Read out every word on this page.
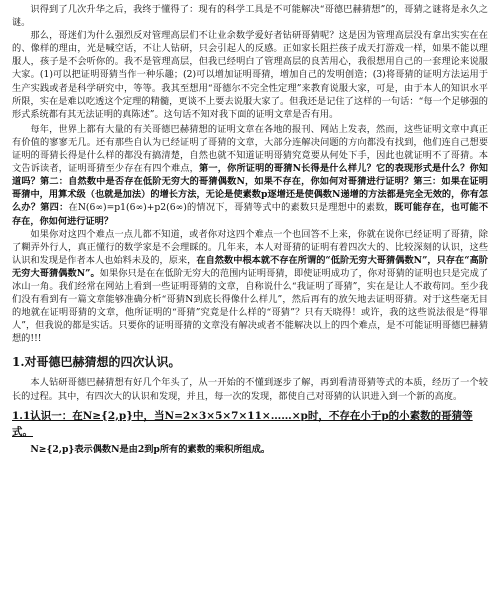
识得到了几次升华之后，我终于懂得了：现有的科学工具是不可能解决“哥德巴赫猜想”的，哥猜之谜将是永久之谜。

那么，哥迷们为什么强烈反对管理高层们不让业余数学爱好者钻研哥猜呢？这是因为管理高层没有拿出实实在在的、像样的理由，光是喊空话，不让人钻研，只会引起人的反感。正如家长阻拦孩子成天打游戏一样，如果不能以理服人，孩子是不会听你的。我不是管理高层，但我已经明白了管理高层的良苦用心，我很想用自己的一套理论来说服大家。(1)可以把证明哥猜当作一种乐趣；(2)可以增加证明哥猜，增加自己的发明创造；(3)将哥猜的证明方法运用于生产实践或者是科学研究中，等等。我其至想用“哥德尔不完全性定理”来教育说服大家，可是，由于本人的知识水平所限，实在是难以吃透这个定理的精髓，更谈不上要去说服大家了。但我还是记住了这样的一句话：“每一个足够强的形式系统都有其无法证明的真陈述”。这句话不知对我下面的证明文章是否有用。

每年，世界上都有大量的有关哥德巴赫猜想的证明文章在各地的报刊、网站上发表，然而，这些证明文章中真正有价值的寥寥无几。还有那些自认为已经证明了哥猜的文章，大部分连解决问题的方向都没有找到，他们连自己想要证明的哥猜长得是什么样的都没有搞清楚，自然也就不知道证明哥猜究竟要从何处下手，因此也就证明不了哥猜。本文告诉读者，证明哥猜至少存在有四个难点，第一，你所证明的哥猜N长得是什么样儿？它的表现形式是什么？你知道吗？第二：自然数中是否存在低阶无穷大的哥猜偶数N，如果不存在，你如何对哥猜进行证明？第三：如果在证明哥猜中，用算术级（也就是加法）的增长方法，无论是使素数p逐增还是使偶数N递增的方法都是完全无效的，你有怎么办？第四：在N(6∞)=p1(6∞)+p2(6∞)的情况下，哥猜等式中的素数只是理想中的素数，既可能存在，也可能不存在，你如何进行证明？

如果你对这四个难点一点儿都不知道，或者你对这四个难点一个也回答不上来，你就在说你已经证明了哥猜，除了糊弄外行人，真正懂行的数学家是不会理睬的。几年来，本人对哥猜的证明有着四次大的、比较深刻的认识，这些认识和发现是作者本人也始料未及的，原来，在自然数中根本就不存在所谓的“低阶无穷大哥猜偶数N”，只存在“高阶无穷大哥猜偶数N”。如果你只是在在低阶无穷大的范围内证明哥猜，即使证明成功了，你对哥猜的证明也只是完成了冰山一角。我们经常在网站上看到一些证明哥猜的文章，自称说什么“我证明了哥猜”，实在是让人不敢苟同。至少我们没有看到有一篇文章能够准确分析“哥猜N到底长得像什么样儿”，然后再有的放矢地去证明哥猜。对于这些毫无目的地就在证明哥猜的文章，他所证明的“哥猜”究竟是什么样的“哥猜”？只有天晓得！或许，我的这些说法很是“得罪人”，但我说的都是实话。只要你的证明哥猜的文章没有解决或者不能解决以上的四个难点，是不可能证明哥德巴赫猜想的!!!

1.对哥德巴赫猜想的四次认识。

本人钻研哥德巴赫猜想有好几个年头了，从一开始的不懂到逐步了解，再到看清哥猜等式的本质，经历了一个较长的过程。其中，有四次大的认识和发现，并且，每一次的发现，都使自己对哥猜的认识进入到一个新的高度。

1.1认识一：在N≥{2,p}中，当N=2×3×5×7×11×……×p时，不存在小于p的小素数的哥猜等式。

N≥{2,p}表示偶数N是由2到p所有的素数的乘积所组成。
